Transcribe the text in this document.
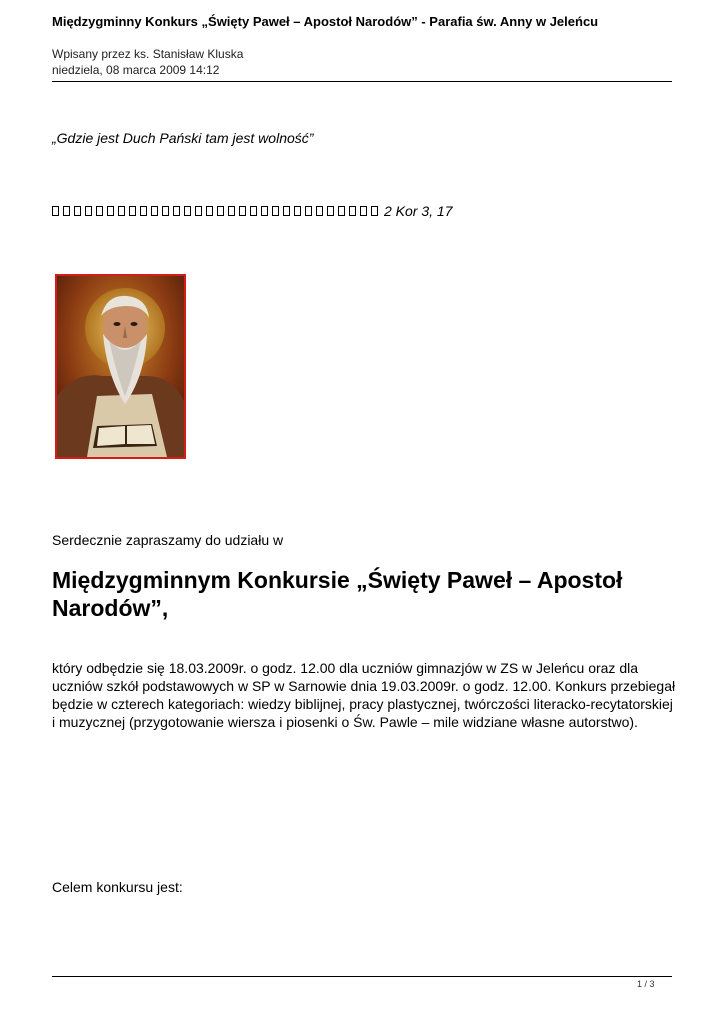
Międzygminny Konkurs „Święty Paweł – Apostoł Narodów” - Parafia św. Anny w Jeleńcu
Wpisany przez ks. Stanisław Kluska
niedziela, 08 marca 2009 14:12
„Gdzie jest Duch Pański tam jest wolność”
2 Kor 3, 17
Serdecznie zapraszamy do udziału w
Międzygminnym Konkursie „Święty Paweł – Apostoł Narodów”,
który odbędzie się 18.03.2009r. o godz. 12.00 dla uczniów gimnazjów w ZS w Jeleńcu oraz dla uczniów szkół podstawowych w SP w Sarnowie dnia 19.03.2009r. o godz. 12.00. Konkurs przebiegał będzie w czterech kategoriach: wiedzy biblijnej, pracy plastycznej, twórczości literacko-recytatorskiej i muzycznej (przygotowanie wiersza i piosenki o Św. Pawle – mile widziane własne autorstwo).
Celem konkursu jest:
1 / 3
